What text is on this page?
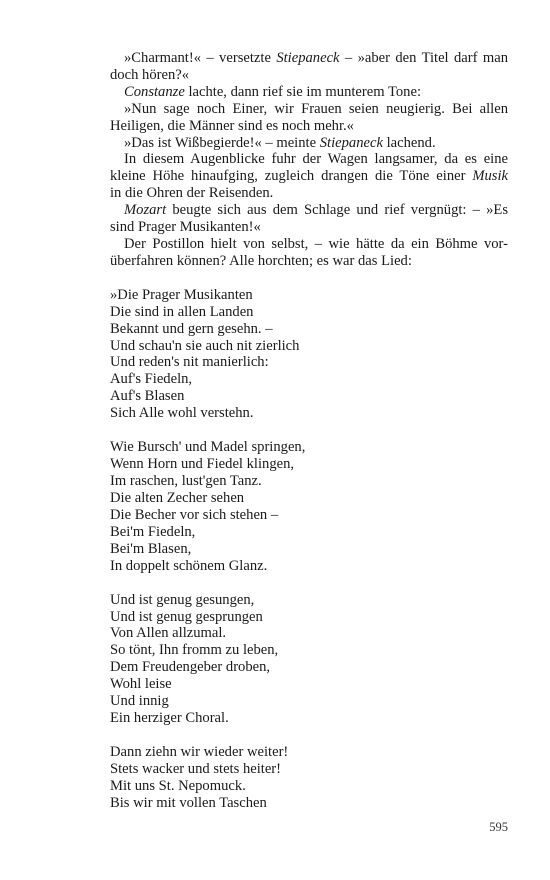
»Charmant!« – versetzte Stiepaneck – »aber den Titel darf man
doch hören?«
Constanze lachte, dann rief sie im munterem Tone:
»Nun sage noch Einer, wir Frauen seien neugierig. Bei allen
Heiligen, die Männer sind es noch mehr.«
»Das ist Wißbegierde!« – meinte Stiepaneck lachend.
In diesem Augenblicke fuhr der Wagen langsamer, da es eine
kleine Höhe hinaufging, zugleich drangen die Töne einer Musik
in die Ohren der Reisenden.
Mozart beugte sich aus dem Schlage und rief vergnügt: – »Es
sind Prager Musikanten!«
Der Postillon hielt von selbst, – wie hätte da ein Böhme vor-
überfahren können? Alle horchten; es war das Lied:
»Die Prager Musikanten
Die sind in allen Landen
Bekannt und gern gesehn. –
Und schau'n sie auch nit zierlich
Und reden's nit manierlich:
Auf's Fiedeln,
Auf's Blasen
Sich Alle wohl verstehn.
Wie Bursch' und Madel springen,
Wenn Horn und Fiedel klingen,
Im raschen, lust'gen Tanz.
Die alten Zecher sehen
Die Becher vor sich stehen –
Bei'm Fiedeln,
Bei'm Blasen,
In doppelt schönem Glanz.
Und ist genug gesungen,
Und ist genug gesprungen
Von Allen allzumal.
So tönt, Ihn fromm zu leben,
Dem Freudengeber droben,
Wohl leise
Und innig
Ein herziger Choral.
Dann ziehn wir wieder weiter!
Stets wacker und stets heiter!
Mit uns St. Nepomuck.
Bis wir mit vollen Taschen
595
